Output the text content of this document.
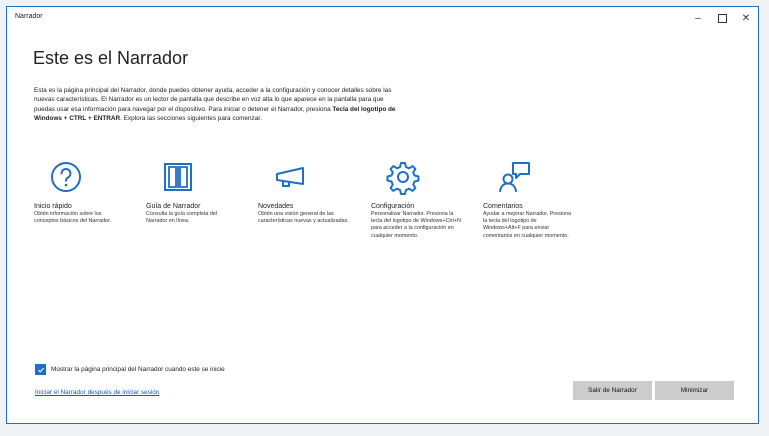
Narrador	–	✕
Este es el Narrador
Esta es la página principal del Narrador, donde puedes obtener ayuda, acceder a la configuración y conocer detalles sobre las nuevas características. El Narrador es un lector de pantalla que describe en voz alta lo que aparece en la pantalla para que puedas usar esa información para navegar por el dispositivo. Para iniciar o detener el Narrador, presiona Tecla del logotipo de Windows + CTRL + ENTRAR. Explora las secciones siguientes para comenzar.
Inicio rápido
Obtén información sobre los conceptos básicos del Narrador.
Guía de Narrador
Consulta la guía completa del Narrador en línea.
Novedades
Obtén una visión general de las características nuevas y actualizadas.
Configuración
Personalizar Narrador. Presiona la tecla del logotipo de Windows+Ctrl+N para acceder a la configuración en cualquier momento.
Comentarios
Ayudar a mejorar Narrador. Presiona la tecla del logotipo de Windows+Alt+F para enviar comentarios en cualquier momento.
Mostrar la página principal del Narrador cuando este se inicie
Iniciar el Narrador después de iniciar sesión	Salir de Narrador	Minimizar
